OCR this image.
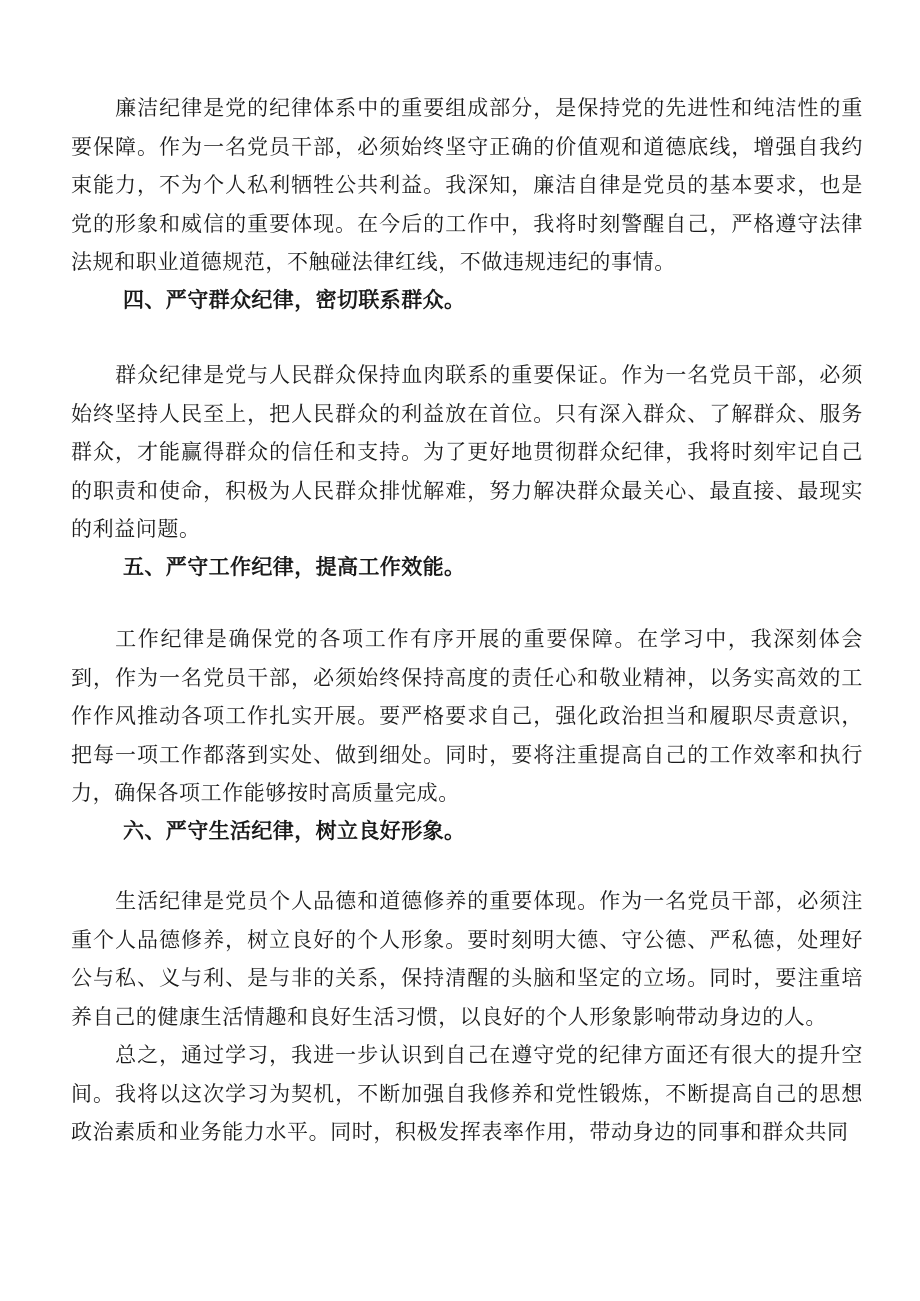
廉洁纪律是党的纪律体系中的重要组成部分，是保持党的先进性和纯洁性的重要保障。作为一名党员干部，必须始终坚守正确的价值观和道德底线，增强自我约束能力，不为个人私利牺牲公共利益。我深知，廉洁自律是党员的基本要求，也是党的形象和威信的重要体现。在今后的工作中，我将时刻警醒自己，严格遵守法律法规和职业道德规范，不触碰法律红线，不做违规违纪的事情。

四、严守群众纪律，密切联系群众。

群众纪律是党与人民群众保持血肉联系的重要保证。作为一名党员干部，必须始终坚持人民至上，把人民群众的利益放在首位。只有深入群众、了解群众、服务群众，才能赢得群众的信任和支持。为了更好地贯彻群众纪律，我将时刻牢记自己的职责和使命，积极为人民群众排忧解难，努力解决群众最关心、最直接、最现实的利益问题。

五、严守工作纪律，提高工作效能。

工作纪律是确保党的各项工作有序开展的重要保障。在学习中，我深刻体会到，作为一名党员干部，必须始终保持高度的责任心和敬业精神，以务实高效的工作作风推动各项工作扎实开展。要严格要求自己，强化政治担当和履职尽责意识，把每一项工作都落到实处、做到细处。同时，要将注重提高自己的工作效率和执行力，确保各项工作能够按时高质量完成。

六、严守生活纪律，树立良好形象。

生活纪律是党员个人品德和道德修养的重要体现。作为一名党员干部，必须注重个人品德修养，树立良好的个人形象。要时刻明大德、守公德、严私德，处理好公与私、义与利、是与非的关系，保持清醒的头脑和坚定的立场。同时，要注重培养自己的健康生活情趣和良好生活习惯，以良好的个人形象影响带动身边的人。

总之，通过学习，我进一步认识到自己在遵守党的纪律方面还有很大的提升空间。我将以这次学习为契机，不断加强自我修养和党性锻炼，不断提高自己的思想政治素质和业务能力水平。同时，积极发挥表率作用，带动身边的同事和群众共同
